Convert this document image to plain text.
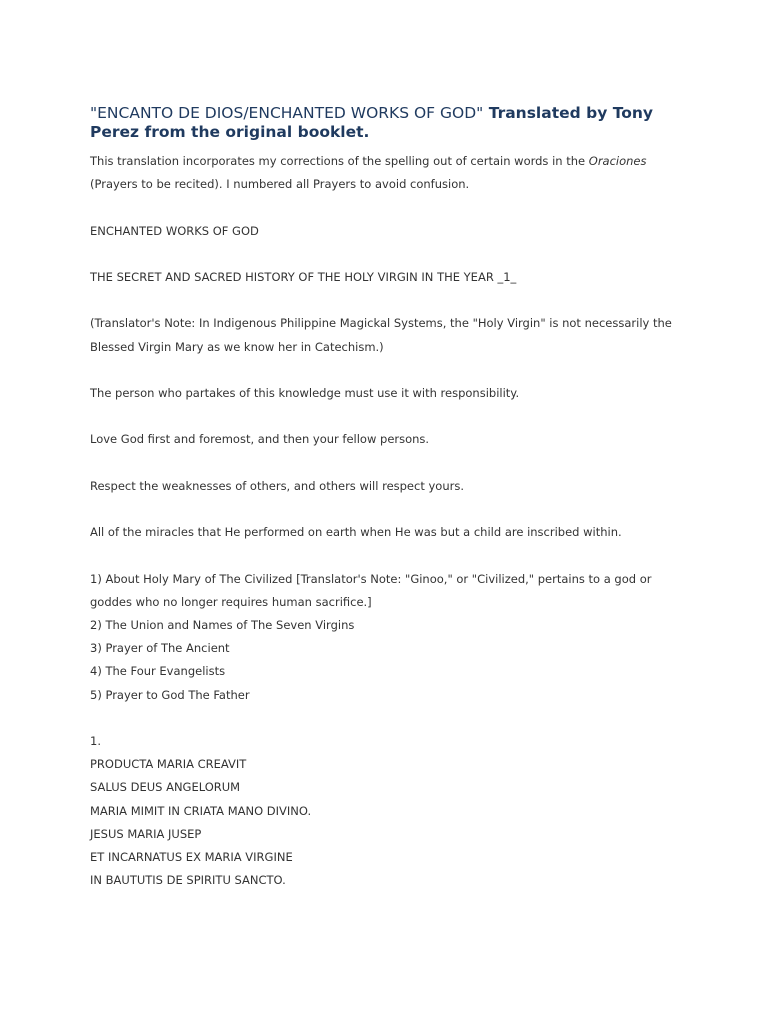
"ENCANTO DE DIOS/ENCHANTED WORKS OF GOD" Translated by Tony Perez from the original booklet.

This translation incorporates my corrections of the spelling out of certain words in the Oraciones (Prayers to be recited). I numbered all Prayers to avoid confusion.

ENCHANTED WORKS OF GOD

THE SECRET AND SACRED HISTORY OF THE HOLY VIRGIN IN THE YEAR _1_

(Translator's Note: In Indigenous Philippine Magickal Systems, the "Holy Virgin" is not necessarily the Blessed Virgin Mary as we know her in Catechism.)

The person who partakes of this knowledge must use it with responsibility.

Love God first and foremost, and then your fellow persons.

Respect the weaknesses of others, and others will respect yours.

All of the miracles that He performed on earth when He was but a child are inscribed within.

1) About Holy Mary of The Civilized [Translator's Note: "Ginoo," or "Civilized," pertains to a god or goddes who no longer requires human sacrifice.]

2) The Union and Names of The Seven Virgins

3) Prayer of The Ancient

4) The Four Evangelists

5) Prayer to God The Father

1.

PRODUCTA MARIA CREAVIT

SALUS DEUS ANGELORUM

MARIA MIMIT IN CRIATA MANO DIVINO.

JESUS MARIA JUSEP

ET INCARNATUS EX MARIA VIRGINE

IN BAUTUTIS DE SPIRITU SANCTO.
